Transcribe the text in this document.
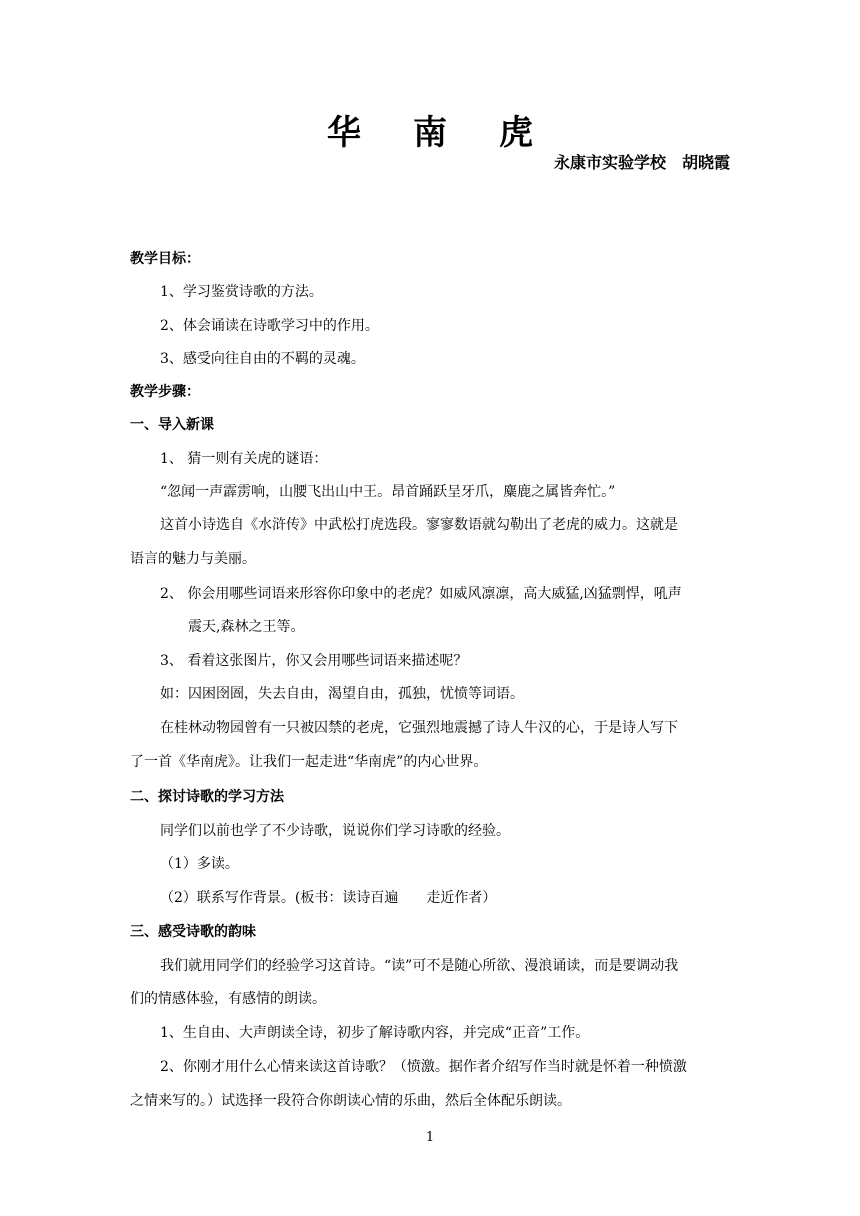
华 南 虎
永康市实验学校　胡晓霞
教学目标：
1、学习鉴赏诗歌的方法。
2、体会诵读在诗歌学习中的作用。
3、感受向往自由的不羁的灵魂。
教学步骤：
一、导入新课
1、 猜一则有关虎的谜语：
“忽闻一声霹雳响，山腰飞出山中王。昂首踊跃呈牙爪，麋鹿之属皆奔忙。”
这首小诗选自《水浒传》中武松打虎选段。寥寥数语就勾勒出了老虎的威力。这就是
语言的魅力与美丽。
2、 你会用哪些词语来形容你印象中的老虎？如威风凛凛，高大威猛,凶猛剽悍，吼声
震天,森林之王等。
3、 看着这张图片，你又会用哪些词语来描述呢？
如：囚困囹圄，失去自由，渴望自由，孤独，忧愤等词语。
在桂林动物园曾有一只被囚禁的老虎，它强烈地震撼了诗人牛汉的心，于是诗人写下
了一首《华南虎》。让我们一起走进“华南虎”的内心世界。
二、探讨诗歌的学习方法
同学们以前也学了不少诗歌，说说你们学习诗歌的经验。
（1）多读。
（2）联系写作背景。(板书：读诗百遍　　走近作者）
三、感受诗歌的韵味
我们就用同学们的经验学习这首诗。“读”可不是随心所欲、漫浪诵读，而是要调动我
们的情感体验，有感情的朗读。
1、生自由、大声朗读全诗，初步了解诗歌内容，并完成“正音”工作。
2、你刚才用什么心情来读这首诗歌？（愤激。据作者介绍写作当时就是怀着一种愤激
之情来写的。）试选择一段符合你朗读心情的乐曲，然后全体配乐朗读。
1
